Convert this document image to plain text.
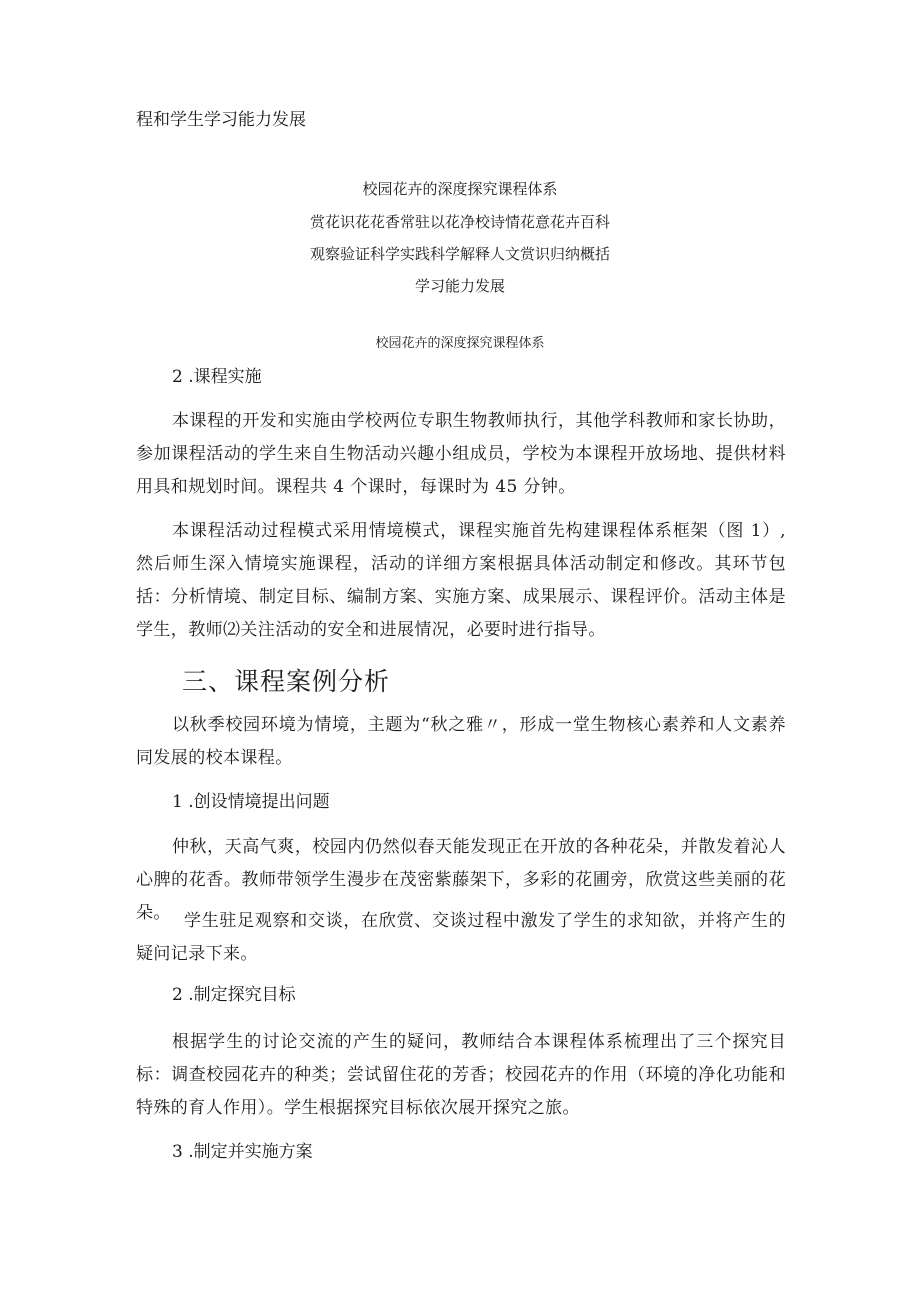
程和学生学习能力发展
校园花卉的深度探究课程体系
赏花识花花香常驻以花净校诗情花意花卉百科
观察验证科学实践科学解释人文赏识归纳概括
学习能力发展
校园花卉的深度探究课程体系
2 .课程实施
本课程的开发和实施由学校两位专职生物教师执行，其他学科教师和家长协助，参加课程活动的学生来自生物活动兴趣小组成员，学校为本课程开放场地、提供材料用具和规划时间。课程共 4 个课时，每课时为 45 分钟。
本课程活动过程模式采用情境模式，课程实施首先构建课程体系框架（图 1）,然后师生深入情境实施课程，活动的详细方案根据具体活动制定和修改。其环节包括：分析情境、制定目标、编制方案、实施方案、成果展示、课程评价。活动主体是学生，教师⑵关注活动的安全和进展情况，必要时进行指导。
三、课程案例分析
以秋季校园环境为情境，主题为“秋之雅〃，形成一堂生物核心素养和人文素养同发展的校本课程。
1 .创设情境提出问题
仲秋，天高气爽，校园内仍然似春天能发现正在开放的各种花朵，并散发着沁人心脾的花香。教师带领学生漫步在茂密紫藤架下，多彩的花圃旁，欣赏这些美丽的花朵。 学生驻足观察和交谈，在欣赏、交谈过程中激发了学生的求知欲，并将产生的疑问记录下来。
2 .制定探究目标
根据学生的讨论交流的产生的疑问，教师结合本课程体系梳理出了三个探究目标：调查校园花卉的种类；尝试留住花的芳香；校园花卉的作用（环境的净化功能和特殊的育人作用）。学生根据探究目标依次展开探究之旅。
3 .制定并实施方案
